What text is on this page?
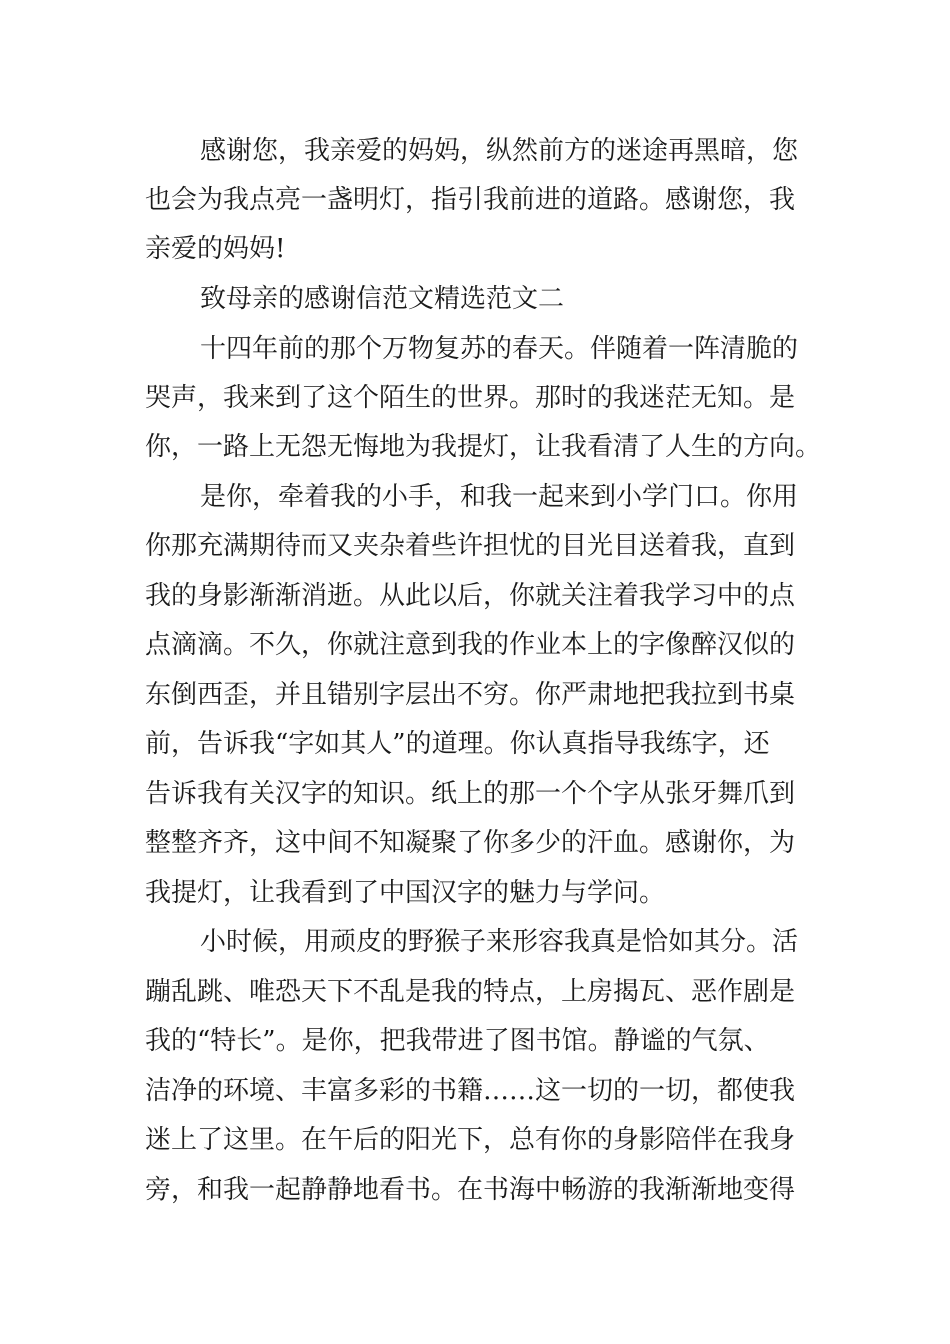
感谢您，我亲爱的妈妈，纵然前方的迷途再黑暗，您
也会为我点亮一盏明灯，指引我前进的道路。感谢您，我
亲爱的妈妈!
致母亲的感谢信范文精选范文二
十四年前的那个万物复苏的春天。伴随着一阵清脆的
哭声，我来到了这个陌生的世界。那时的我迷茫无知。是
你，一路上无怨无悔地为我提灯，让我看清了人生的方向。
是你，牵着我的小手，和我一起来到小学门口。你用
你那充满期待而又夹杂着些许担忧的目光目送着我，直到
我的身影渐渐消逝。从此以后，你就关注着我学习中的点
点滴滴。不久，你就注意到我的作业本上的字像醉汉似的
东倒西歪，并且错别字层出不穷。你严肃地把我拉到书桌
前，告诉我“字如其人”的道理。你认真指导我练字，还
告诉我有关汉字的知识。纸上的那一个个字从张牙舞爪到
整整齐齐，这中间不知凝聚了你多少的汗血。感谢你，为
我提灯，让我看到了中国汉字的魅力与学问。
小时候，用顽皮的野猴子来形容我真是恰如其分。活
蹦乱跳、唯恐天下不乱是我的特点，上房揭瓦、恶作剧是
我的“特长”。是你，把我带进了图书馆。静谧的气氛、
洁净的环境、丰富多彩的书籍……这一切的一切，都使我
迷上了这里。在午后的阳光下，总有你的身影陪伴在我身
旁，和我一起静静地看书。在书海中畅游的我渐渐地变得
